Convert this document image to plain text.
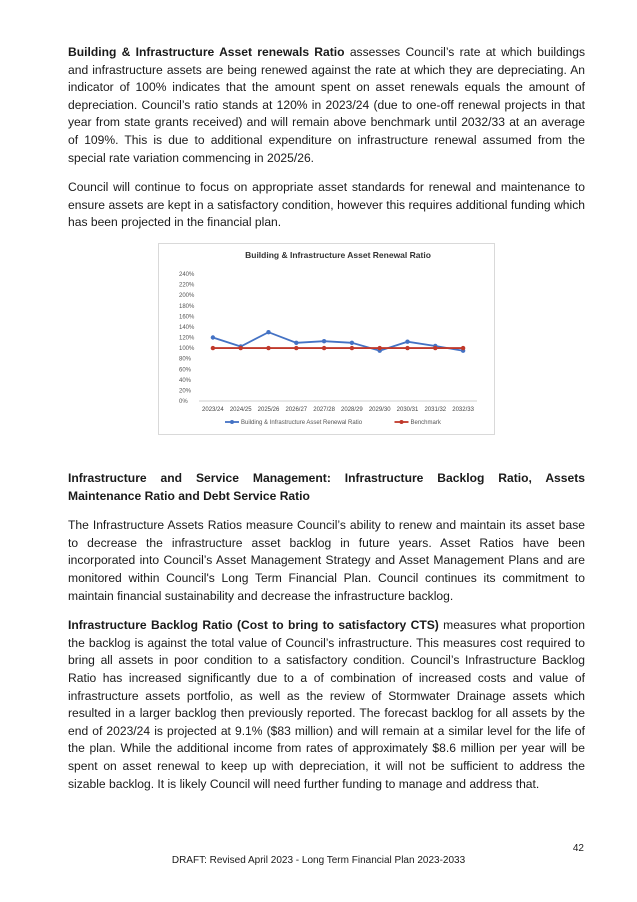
Building & Infrastructure Asset renewals Ratio assesses Council’s rate at which buildings and infrastructure assets are being renewed against the rate at which they are depreciating. An indicator of 100% indicates that the amount spent on asset renewals equals the amount of depreciation. Council’s ratio stands at 120% in 2023/24 (due to one-off renewal projects in that year from state grants received) and will remain above benchmark until 2032/33 at an average of 109%. This is due to additional expenditure on infrastructure renewal assumed from the special rate variation commencing in 2025/26.

Council will continue to focus on appropriate asset standards for renewal and maintenance to ensure assets are kept in a satisfactory condition, however this requires additional funding which has been projected in the financial plan.

Building & Infrastructure Asset Renewal Ratio
0%
20%
40%
60%
80%
100%
120%
140%
160%
180%
200%
220%
240%
2023/24 2024/25 2025/26 2026/27 2027/28 2028/29 2029/30 2030/31 2031/32 2032/33
Building & Infrastructure Asset Renewal Ratio	Benchmark

Infrastructure and Service Management: Infrastructure Backlog Ratio, Assets Maintenance Ratio and Debt Service Ratio

The Infrastructure Assets Ratios measure Council’s ability to renew and maintain its asset base to decrease the infrastructure asset backlog in future years. Asset Ratios have been incorporated into Council’s Asset Management Strategy and Asset Management Plans and are monitored within Council's Long Term Financial Plan. Council continues its commitment to maintain financial sustainability and decrease the infrastructure backlog.

Infrastructure Backlog Ratio (Cost to bring to satisfactory CTS) measures what proportion the backlog is against the total value of Council’s infrastructure. This measures cost required to bring all assets in poor condition to a satisfactory condition. Council’s Infrastructure Backlog Ratio has increased significantly due to a of combination of increased costs and value of infrastructure assets portfolio, as well as the review of Stormwater Drainage assets which resulted in a larger backlog then previously reported. The forecast backlog for all assets by the end of 2023/24 is projected at 9.1% ($83 million) and will remain at a similar level for the life of the plan. While the additional income from rates of approximately $8.6 million per year will be spent on asset renewal to keep up with depreciation, it will not be sufficient to address the sizable backlog. It is likely Council will need further funding to manage and address that.

42
DRAFT: Revised April 2023 - Long Term Financial Plan 2023-2033
